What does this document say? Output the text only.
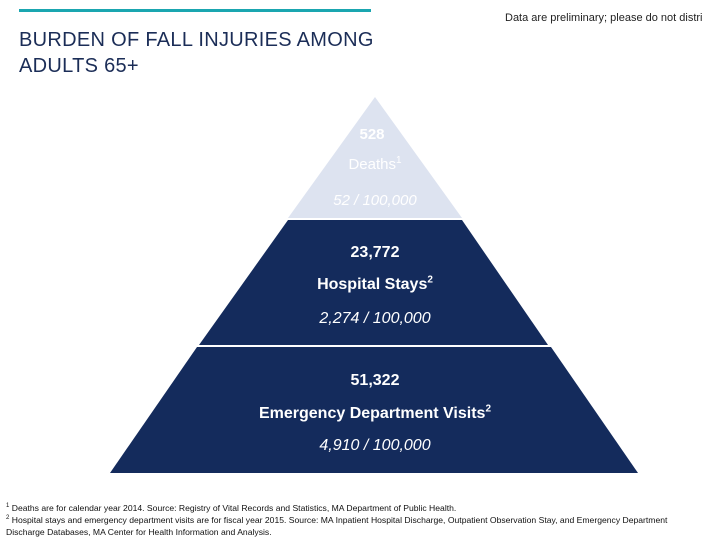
BURDEN OF FALL INJURIES AMONG
ADULTS 65+
Data are preliminary; please do not distri
528
Deaths$^1$
52 / 100,000
23,772
Hospital Stays$^2$
2,274 / 100,000
51,322
Emergency Department Visits$^2$
4,910 / 100,000
$^1$ Deaths are for calendar year 2014. Source: Registry of Vital Records and Statistics, MA Department of Public Health.
$^2$ Hospital stays and emergency department visits are for fiscal year 2015. Source: MA Inpatient Hospital Discharge, Outpatient Observation Stay, and Emergency Department Discharge Databases, MA Center for Health Information and Analysis.
